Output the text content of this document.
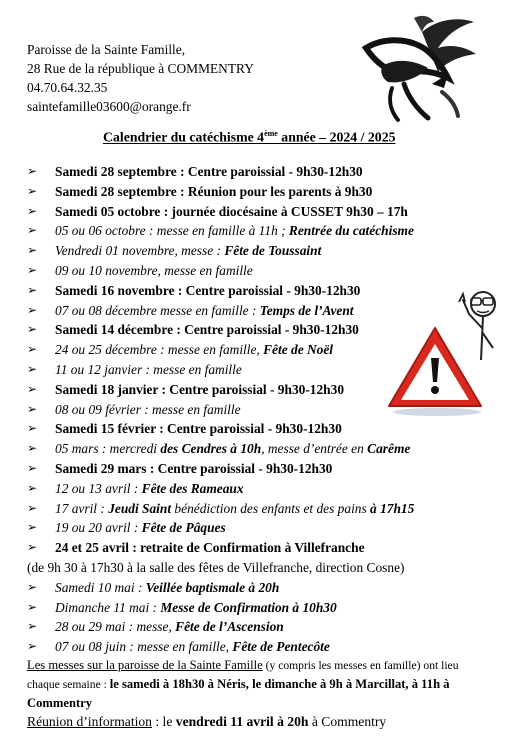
Paroisse de la Sainte Famille,
28 Rue de la république à COMMENTRY
04.70.64.32.35
saintefamille03600@orange.fr
Calendrier du catéchisme 4ème année – 2024 / 2025
➢	Samedi 28 septembre : Centre paroissial - 9h30-12h30
➢	Samedi 28 septembre : Réunion pour les parents à 9h30
➢	Samedi 05 octobre : journée diocésaine à CUSSET 9h30 – 17h
➢	05 ou 06 octobre : messe en famille à 11h ; Rentrée du catéchisme
➢	Vendredi 01 novembre, messe : Fête de Toussaint
➢	09 ou 10 novembre, messe en famille
➢	Samedi 16 novembre : Centre paroissial - 9h30-12h30
➢	07 ou 08 décembre messe en famille : Temps de l’Avent
➢	Samedi 14 décembre : Centre paroissial - 9h30-12h30
➢	24 ou 25 décembre : messe en famille, Fête de Noël
➢	11 ou 12 janvier : messe en famille
➢	Samedi 18 janvier : Centre paroissial - 9h30-12h30
➢	08 ou 09 février : messe en famille
➢	Samedi 15 février : Centre paroissial - 9h30-12h30
➢	05 mars : mercredi des Cendres à 10h, messe d’entrée en Carême
➢	Samedi 29 mars : Centre paroissial - 9h30-12h30
➢	12 ou 13 avril : Fête des Rameaux
➢	17 avril : Jeudi Saint bénédiction des enfants et des pains à 17h15
➢	19 ou 20 avril : Fête de Pâques
➢	24 et 25 avril : retraite de Confirmation à Villefranche
(de 9h 30 à 17h30 à la salle des fêtes de Villefranche, direction Cosne)
➢	Samedi 10 mai : Veillée baptismale à 20h
➢	Dimanche 11 mai : Messe de Confirmation à 10h30
➢	28 ou 29 mai : messe, Fête de l’Ascension
➢	07 ou 08 juin : messe en famille, Fête de Pentecôte
Les messes sur la paroisse de la Sainte Famille (y compris les messes en famille) ont lieu chaque semaine : le samedi à 18h30 à Néris, le dimanche à 9h à Marcillat, à 11h à Commentry
Réunion d’information : le vendredi 11 avril à 20h à Commentry
